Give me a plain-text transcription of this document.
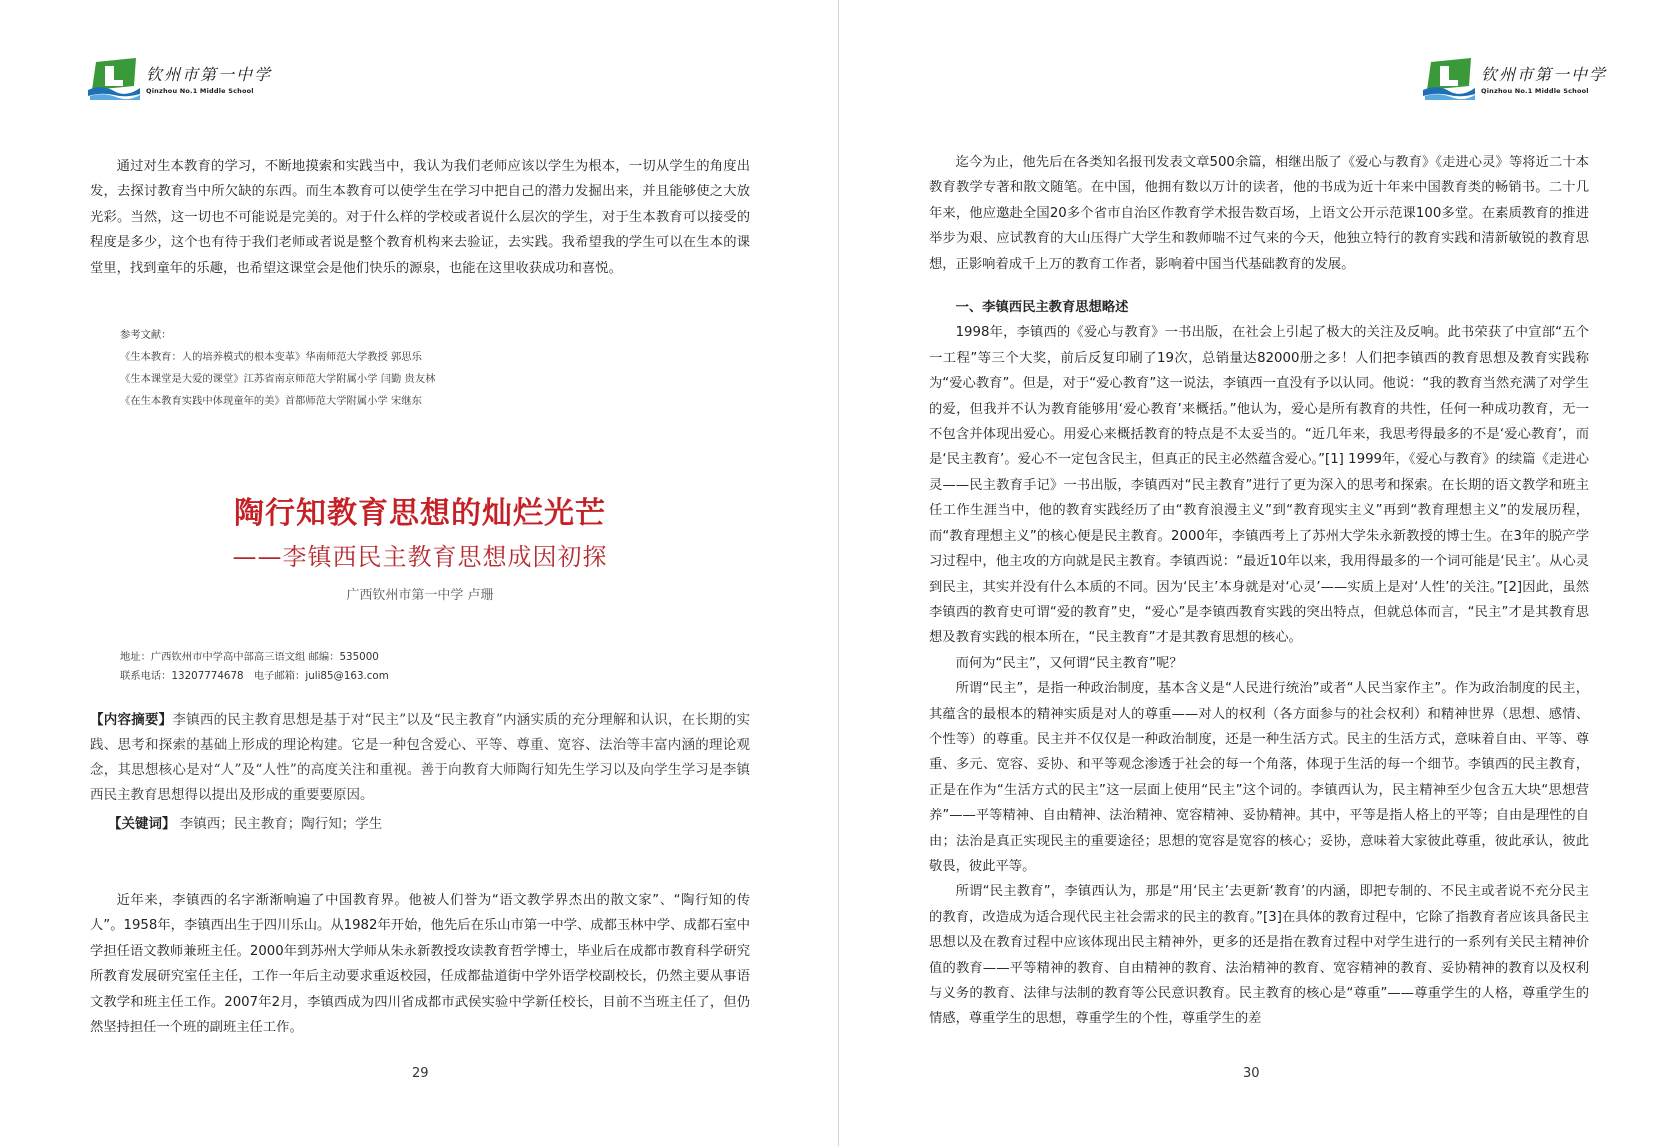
钦州市第一中学
Qinzhou No.1 Middle School

通过对生本教育的学习，不断地摸索和实践当中，我认为我们老师应该以学生为根本，一切从学生的角度出发，去探讨教育当中所欠缺的东西。而生本教育可以使学生在学习中把自己的潜力发掘出来，并且能够使之大放光彩。当然，这一切也不可能说是完美的。对于什么样的学校或者说什么层次的学生，对于生本教育可以接受的程度是多少，这个也有待于我们老师或者说是整个教育机构来去验证，去实践。我希望我的学生可以在生本的课堂里，找到童年的乐趣，也希望这课堂会是他们快乐的源泉，也能在这里收获成功和喜悦。

参考文献：
《生本教育：人的培养模式的根本变革》华南师范大学教授 郭思乐
《生本课堂是大爱的课堂》江苏省南京师范大学附属小学 闫勤 贵友林
《在生本教育实践中体现童年的美》首都师范大学附属小学 宋继东
陶行知教育思想的灿烂光芒
——李镇西民主教育思想成因初探
广西钦州市第一中学 卢珊
地址：广西钦州市中学高中部高三语文组 邮编：535000
联系电话：13207774678　电子邮箱：juli85@163.com
【内容摘要】李镇西的民主教育思想是基于对“民主”以及“民主教育”内涵实质的充分理解和认识，在长期的实践、思考和探索的基础上形成的理论构建。它是一种包含爱心、平等、尊重、宽容、法治等丰富内涵的理论观念，其思想核心是对“人”及“人性”的高度关注和重视。善于向教育大师陶行知先生学习以及向学生学习是李镇西民主教育思想得以提出及形成的重要要原因。
【关键词】 李镇西；民主教育；陶行知；学生

近年来，李镇西的名字渐渐响遍了中国教育界。他被人们誉为“语文教学界杰出的散文家”、“陶行知的传人”。1958年，李镇西出生于四川乐山。从1982年开始，他先后在乐山市第一中学、成都玉林中学、成都石室中学担任语文教师兼班主任。2000年到苏州大学师从朱永新教授攻读教育哲学博士，毕业后在成都市教育科学研究所教育发展研究室任主任，工作一年后主动要求重返校园，任成都盐道街中学外语学校副校长，仍然主要从事语文教学和班主任工作。2007年2月，李镇西成为四川省成都市武侯实验中学新任校长，目前不当班主任了，但仍然坚持担任一个班的副班主任工作。

29
钦州市第一中学
Qinzhou No.1 Middle School

迄今为止，他先后在各类知名报刊发表文章500余篇，相继出版了《爱心与教育》《走进心灵》等将近二十本教育教学专著和散文随笔。在中国，他拥有数以万计的读者，他的书成为近十年来中国教育类的畅销书。二十几年来，他应邀赴全国20多个省市自治区作教育学术报告数百场，上语文公开示范课100多堂。在素质教育的推进举步为艰、应试教育的大山压得广大学生和教师喘不过气来的今天，他独立特行的教育实践和清新敏锐的教育思想，正影响着成千上万的教育工作者，影响着中国当代基础教育的发展。

一、李镇西民主教育思想略述

1998年，李镇西的《爱心与教育》一书出版，在社会上引起了极大的关注及反响。此书荣获了中宣部“五个一工程”等三个大奖，前后反复印刷了19次，总销量达82000册之多！人们把李镇西的教育思想及教育实践称为“爱心教育”。但是，对于“爱心教育”这一说法，李镇西一直没有予以认同。他说：“我的教育当然充满了对学生的爱，但我并不认为教育能够用‘爱心教育’来概括。”他认为，爱心是所有教育的共性，任何一种成功教育，无一不包含并体现出爱心。用爱心来概括教育的特点是不太妥当的。“近几年来，我思考得最多的不是‘爱心教育’，而是‘民主教育’。爱心不一定包含民主，但真正的民主必然蕴含爱心。”[1] 1999年，《爱心与教育》的续篇《走进心灵——民主教育手记》一书出版，李镇西对“民主教育”进行了更为深入的思考和探索。在长期的语文教学和班主任工作生涯当中，他的教育实践经历了由“教育浪漫主义”到“教育现实主义”再到“教育理想主义”的发展历程，而“教育理想主义”的核心便是民主教育。2000年，李镇西考上了苏州大学朱永新教授的博士生。在3年的脱产学习过程中，他主攻的方向就是民主教育。李镇西说：“最近10年以来，我用得最多的一个词可能是‘民主’。从心灵到民主，其实并没有什么本质的不同。因为‘民主’本身就是对‘心灵’——实质上是对‘人性’的关注。”[2]因此，虽然李镇西的教育史可谓“爱的教育”史，“爱心”是李镇西教育实践的突出特点，但就总体而言，“民主”才是其教育思想及教育实践的根本所在，“民主教育”才是其教育思想的核心。

而何为“民主”，又何谓“民主教育”呢？

所谓“民主”，是指一种政治制度，基本含义是“人民进行统治”或者“人民当家作主”。作为政治制度的民主，其蕴含的最根本的精神实质是对人的尊重——对人的权利（各方面参与的社会权利）和精神世界（思想、感情、个性等）的尊重。民主并不仅仅是一种政治制度，还是一种生活方式。民主的生活方式，意味着自由、平等、尊重、多元、宽容、妥协、和平等观念渗透于社会的每一个角落，体现于生活的每一个细节。李镇西的民主教育，正是在作为“生活方式的民主”这一层面上使用“民主”这个词的。李镇西认为，民主精神至少包含五大块“思想营养”——平等精神、自由精神、法治精神、宽容精神、妥协精神。其中，平等是指人格上的平等；自由是理性的自由；法治是真正实现民主的重要途径；思想的宽容是宽容的核心；妥协，意味着大家彼此尊重，彼此承认，彼此敬畏，彼此平等。

所谓“民主教育”，李镇西认为，那是“用‘民主’去更新‘教育’的内涵，即把专制的、不民主或者说不充分民主的教育，改造成为适合现代民主社会需求的民主的教育。”[3]在具体的教育过程中，它除了指教育者应该具备民主思想以及在教育过程中应该体现出民主精神外，更多的还是指在教育过程中对学生进行的一系列有关民主精神价值的教育——平等精神的教育、自由精神的教育、法治精神的教育、宽容精神的教育、妥协精神的教育以及权利与义务的教育、法律与法制的教育等公民意识教育。民主教育的核心是“尊重”——尊重学生的人格，尊重学生的情感，尊重学生的思想，尊重学生的个性，尊重学生的差

30
